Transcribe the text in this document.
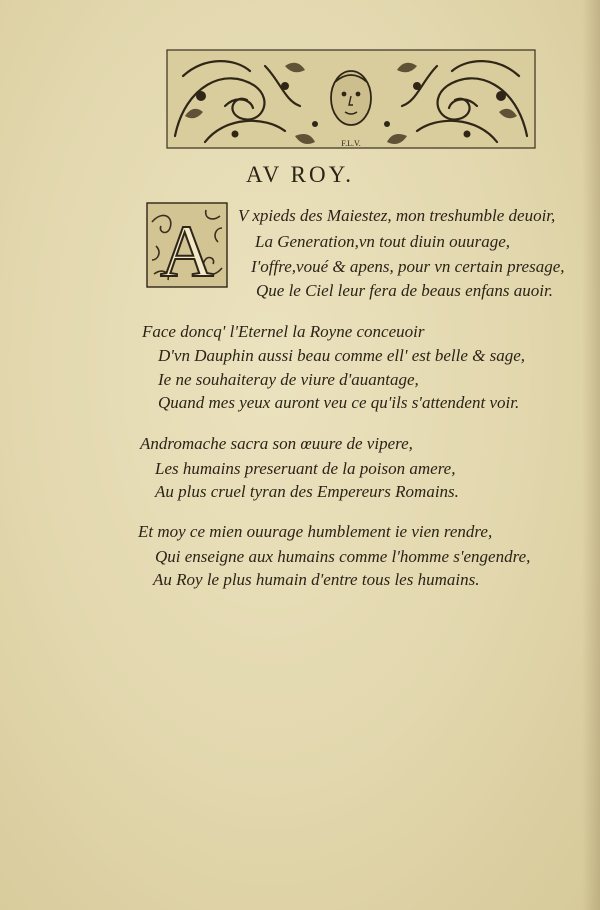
F.L.V.
AV ROY.
A V xpieds des Maiestez, mon treshumble deuoir,
La Generation,vn tout diuin ouurage,
I'offre,voué & apens, pour vn certain presage,
Que le Ciel leur fera de beaus enfans auoir.
Face doncq' l'Eternel la Royne conceuoir
D'vn Dauphin aussi beau comme ell' est belle & sage,
Ie ne souhaiteray de viure d'auantage,
Quand mes yeux auront veu ce qu'ils s'attendent voir.
Andromache sacra son œuure de vipere,
Les humains preseruant de la poison amere,
Au plus cruel tyran des Empereurs Romains.
Et moy ce mien ouurage humblement ie vien rendre,
Qui enseigne aux humains comme l'homme s'engendre,
Au Roy le plus humain d'entre tous les humains.
